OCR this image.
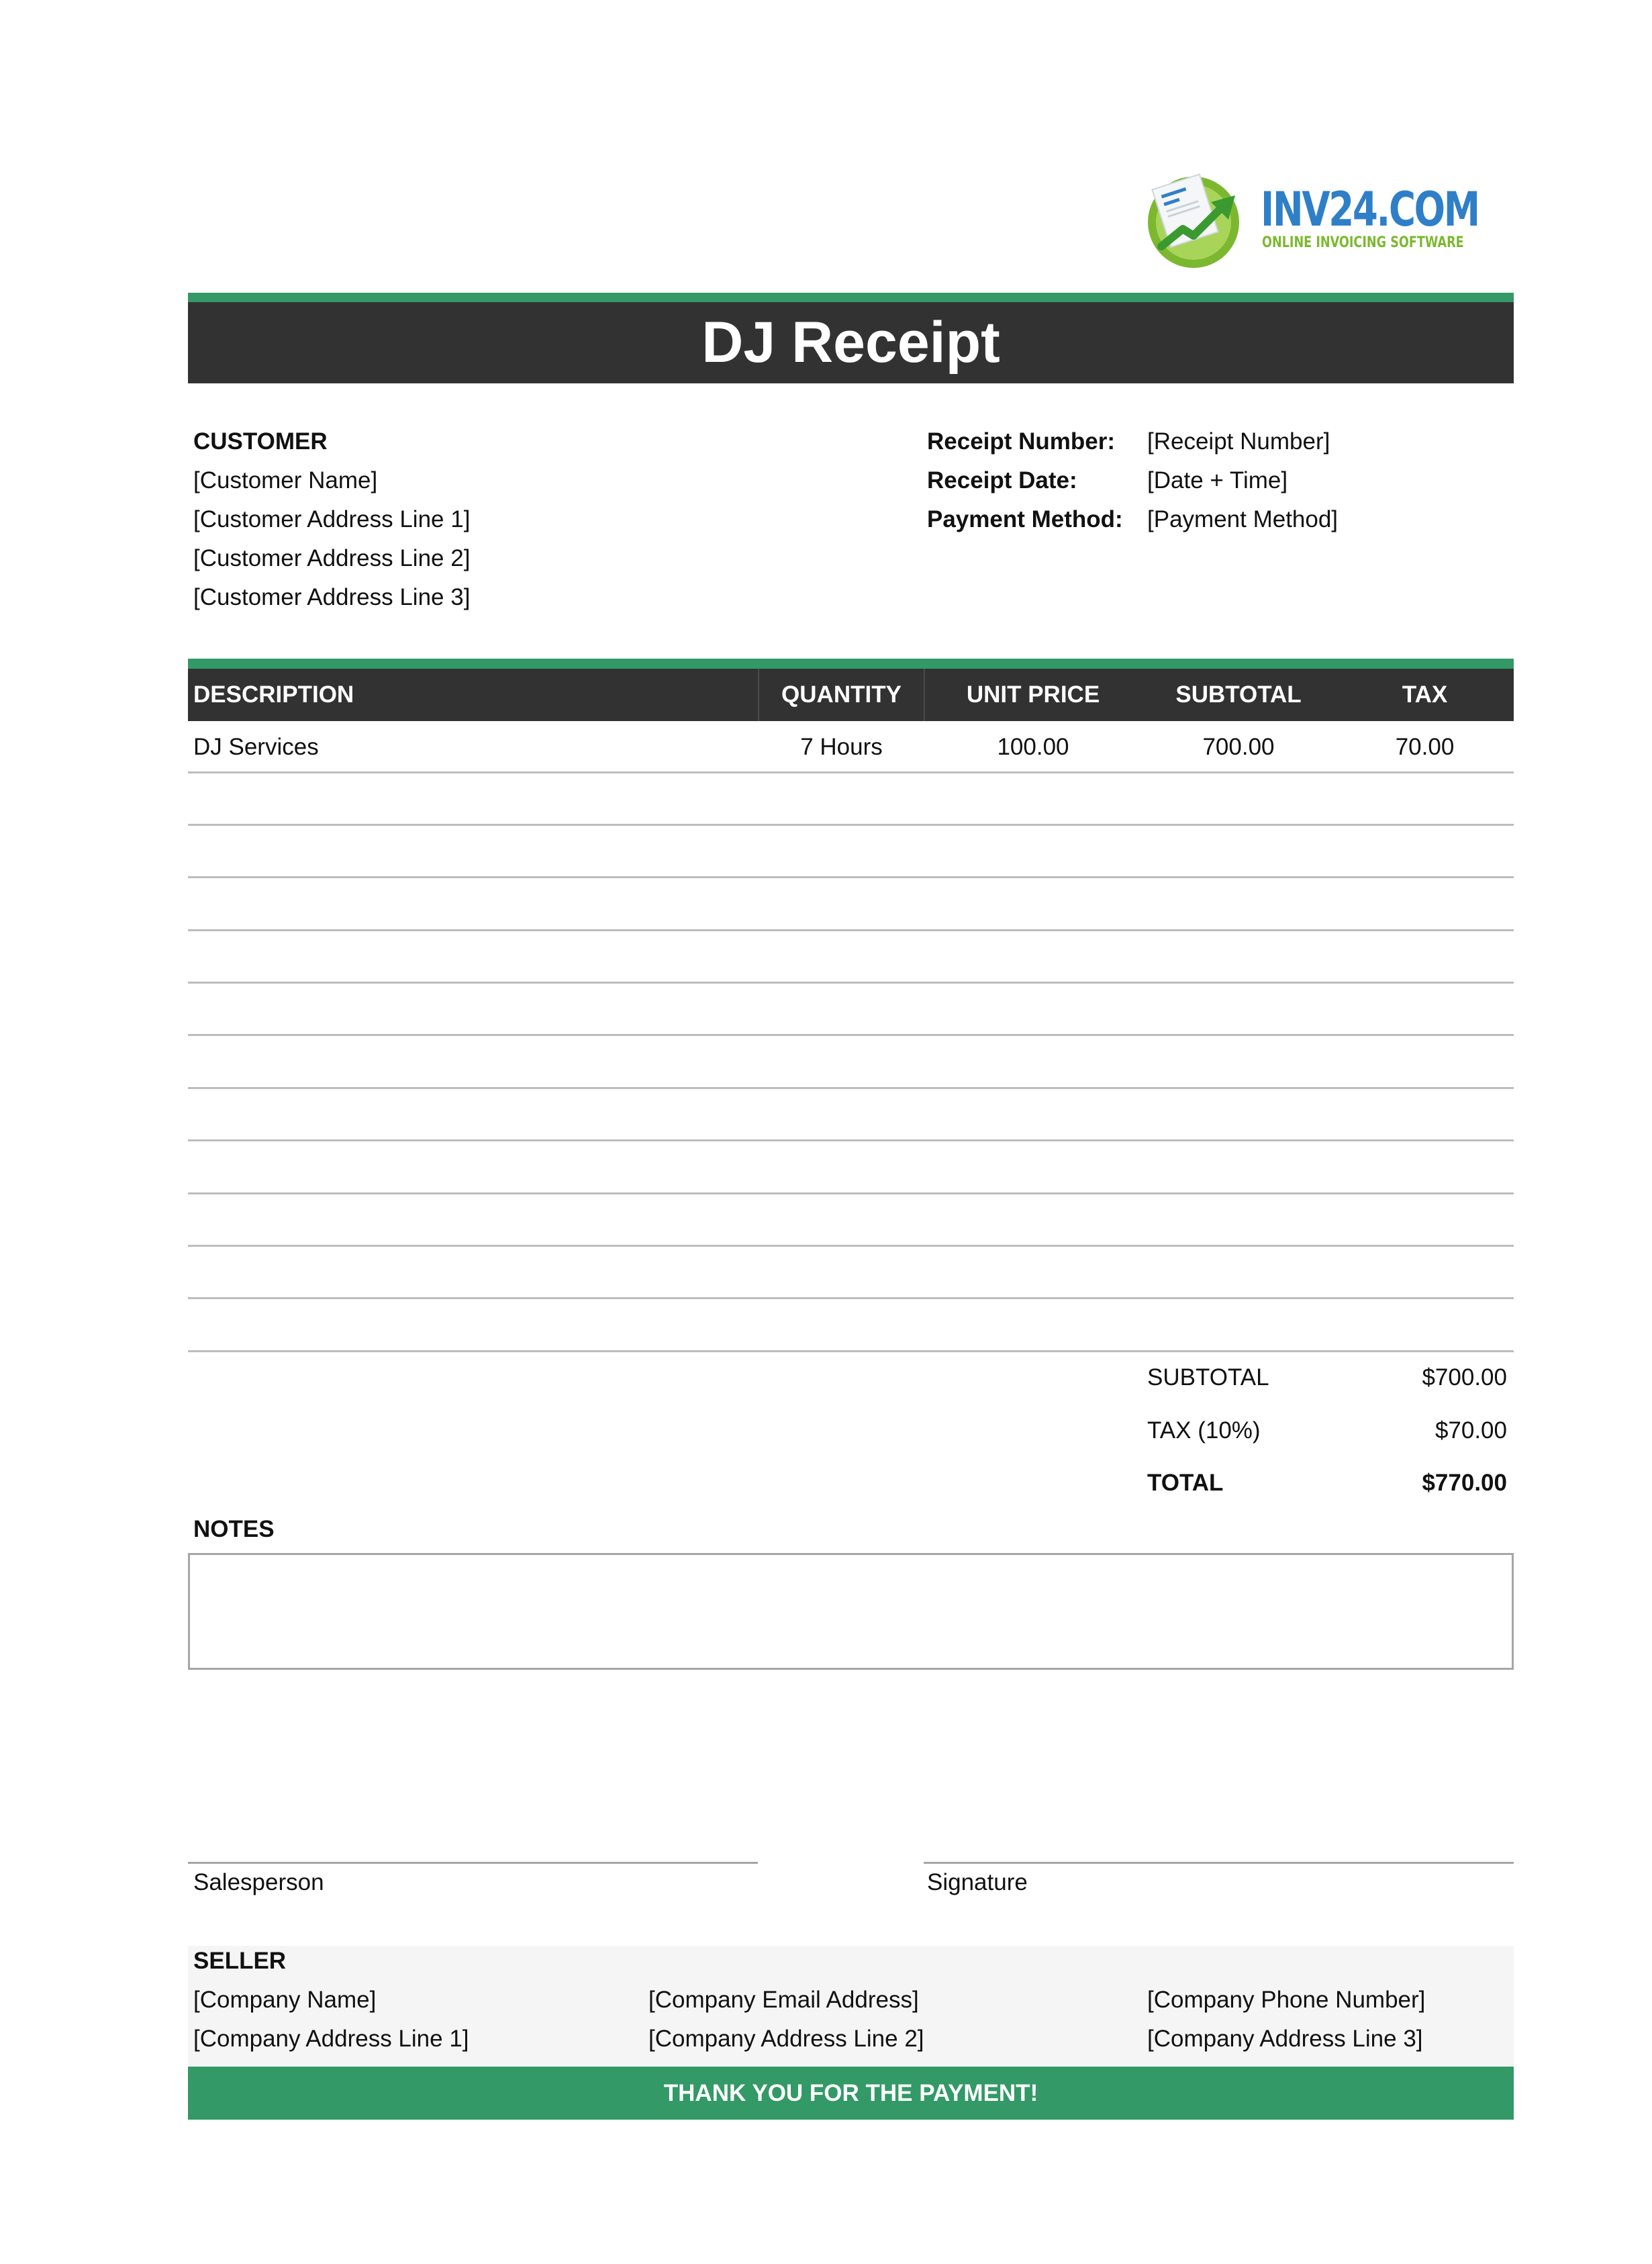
INV24.COM
ONLINE INVOICING SOFTWARE
DJ Receipt
CUSTOMER
[Customer Name]
[Customer Address Line 1]
[Customer Address Line 2]
[Customer Address Line 3]
Receipt Number: [Receipt Number]
Receipt Date:	[Date + Time]
Payment Method: [Payment Method]
DESCRIPTION	QUANTITY	UNIT PRICE	SUBTOTAL	TAX
DJ Services	7 Hours	100.00	700.00	70.00
SUBTOTAL	$700.00
TAX (10%)	$70.00
TOTAL	$770.00
NOTES
Salesperson	Signature
SELLER
[Company Name]	[Company Email Address]	[Company Phone Number]
[Company Address Line 1]	[Company Address Line 2]	[Company Address Line 3]
THANK YOU FOR THE PAYMENT!
